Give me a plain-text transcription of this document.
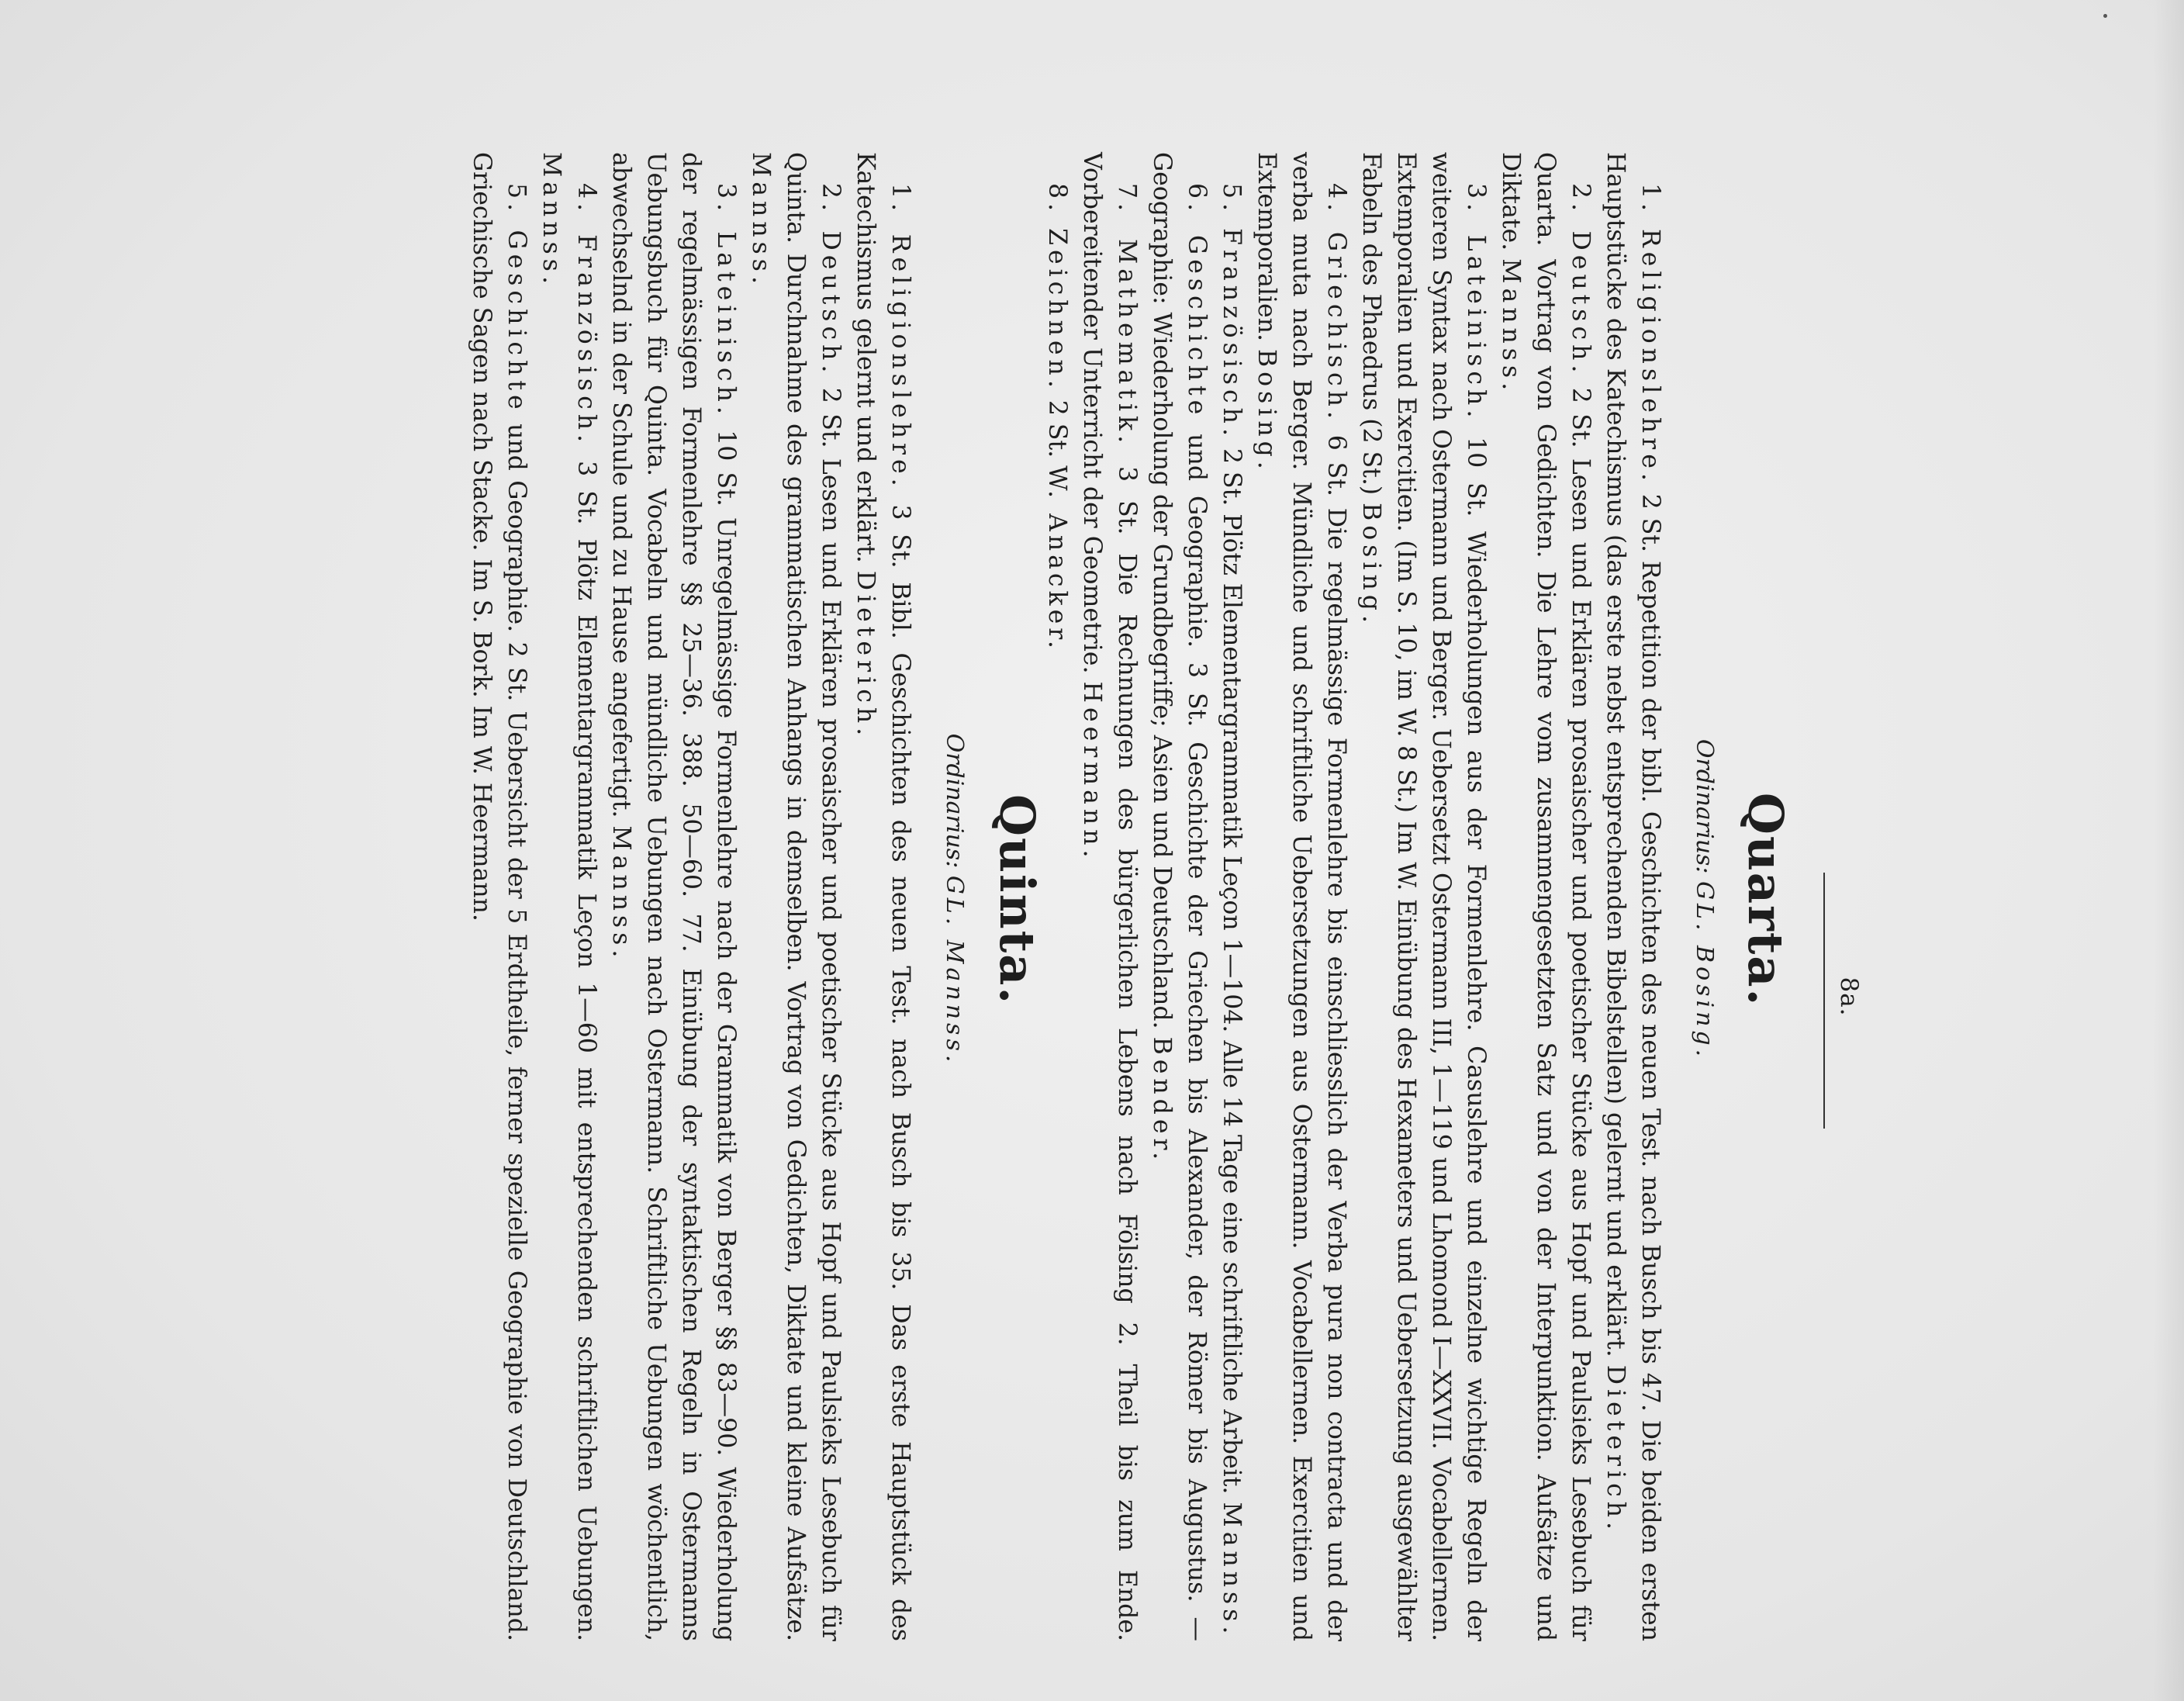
8a.
Quarta.
Ordinarius: GL. Bosing.

1. Religionslehre. 2 St. Repetition der bibl. Geschichten des neuen Test. nach Busch bis 47. Die beiden ersten Hauptstücke des Katechismus (das erste nebst entsprechenden Bibelstellen) gelernt und erklärt. Dieterich.

2. Deutsch. 2 St. Lesen und Erklären prosaischer und poetischer Stücke aus Hopf und Paulsieks Lesebuch für Quarta. Vortrag von Gedichten. Die Lehre vom zusammengesetzten Satz und von der Interpunktion. Aufsätze und Diktate. Mannss.

3. Lateinisch. 10 St. Wiederholungen aus der Formenlehre. Casuslehre und einzelne wichtige Regeln der weiteren Syntax nach Ostermann und Berger. Uebersetzt Ostermann III, 1—119 und Lhomond I—XXVII. Vocabellernen. Extemporalien und Exercitien. (Im S. 10, im W. 8 St.) Im W. Einübung des Hexameters und Uebersetzung ausgewählter Fabeln des Phaedrus (2 St.) Bosing.

4. Griechisch. 6 St. Die regelmässige Formenlehre bis einschliesslich der Verba pura non contracta und der verba muta nach Berger. Mündliche und schriftliche Uebersetzungen aus Ostermann. Vocabellernen. Exercitien und Extemporalien. Bosing.

5. Französisch. 2 St. Plötz Elementargrammatik Leçon 1—104. Alle 14 Tage eine schriftliche Arbeit. Mannss.

6. Geschichte und Geographie. 3 St. Geschichte der Griechen bis Alexander, der Römer bis Augustus. — Geographie: Wiederholung der Grundbegriffe; Asien und Deutschland. Bender.

7. Mathematik. 3 St. Die Rechnungen des bürgerlichen Lebens nach Fölsing 2. Theil bis zum Ende. Vorbereitender Unterricht der Geometrie. Heermann.

8. Zeichnen. 2 St. W. Anacker.

Quinta.
Ordinarius: GL. Mannss.

1. Religionslehre. 3 St. Bibl. Geschichten des neuen Test. nach Busch bis 35. Das erste Hauptstück des Katechismus gelernt und erklärt. Dieterich.

2. Deutsch. 2 St. Lesen und Erklären prosaischer und poetischer Stücke aus Hopf und Paulsieks Lesebuch für Quinta. Durchnahme des grammatischen Anhangs in demselben. Vortrag von Gedichten, Diktate und kleine Aufsätze. Mannss.

3. Lateinisch. 10 St. Unregelmässige Formenlehre nach der Grammatik von Berger §§ 83—90. Wiederholung der regelmässigen Formenlehre §§ 25—36. 388. 50—60. 77. Einübung der syntaktischen Regeln in Ostermanns Uebungsbuch für Quinta. Vocabeln und mündliche Uebungen nach Ostermann. Schriftliche Uebungen wöchentlich, abwechselnd in der Schule und zu Hause angefertigt. Mannss.

4. Französisch. 3 St. Plötz Elementargrammatik Leçon 1—60 mit entsprechenden schriftlichen Uebungen. Mannss.

5. Geschichte und Geographie. 2 St. Uebersicht der 5 Erdtheile, ferner spezielle Geographie von Deutschland. Griechische Sagen nach Stacke. Im S. Bork. Im W. Heermann.
